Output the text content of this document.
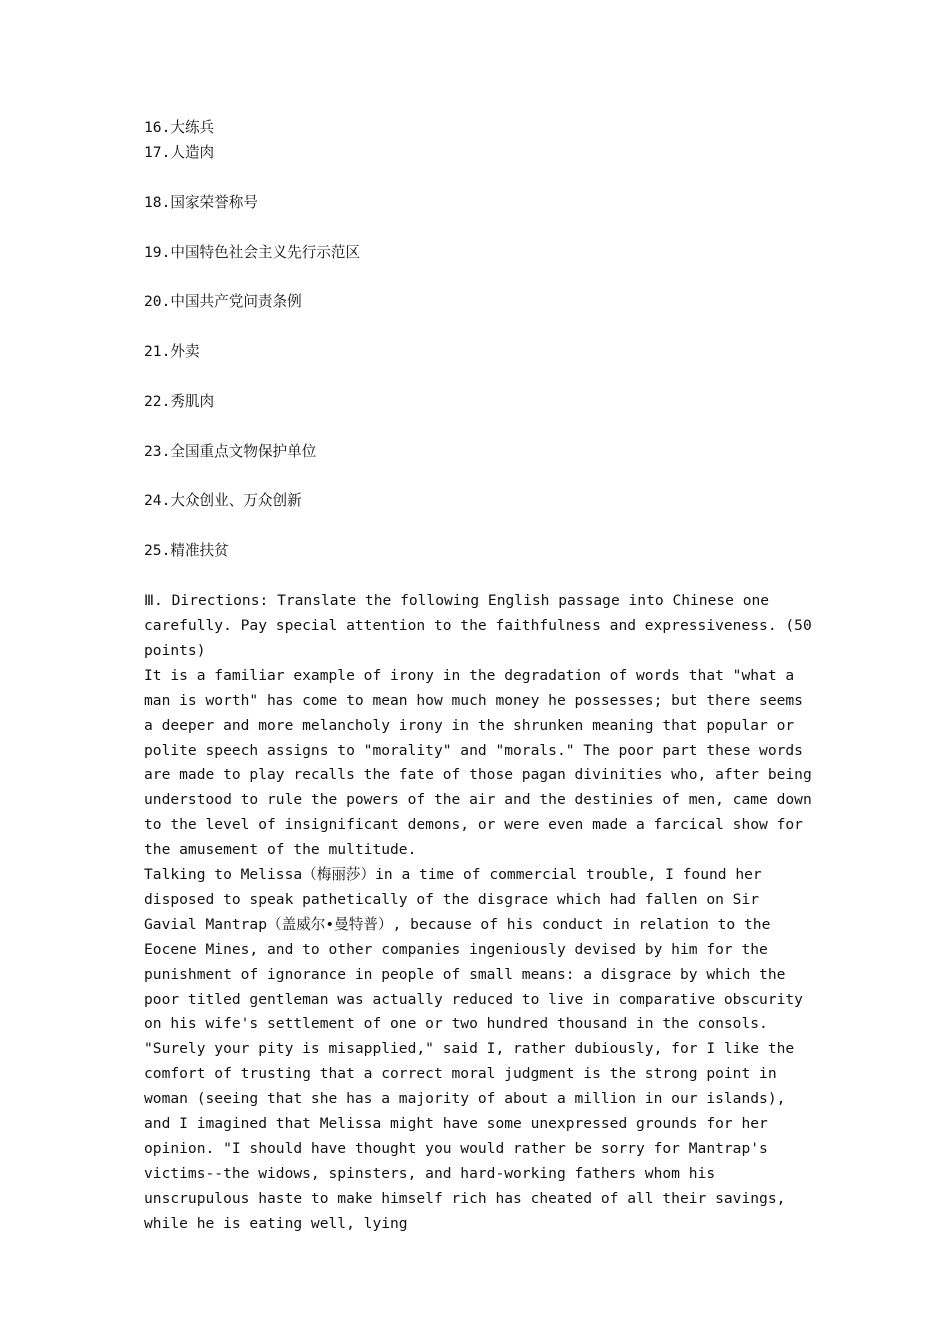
16.大练兵
17.人造肉
18.国家荣誉称号
19.中国特色社会主义先行示范区
20.中国共产党问责条例
21.外卖
22.秀肌肉
23.全国重点文物保护单位
24.大众创业、万众创新
25.精准扶贫

Ⅲ. Directions: Translate the following English passage into Chinese one carefully. Pay special attention to the faithfulness and expressiveness. (50 points)

It is a familiar example of irony in the degradation of words that "what a man is worth" has come to mean how much money he possesses; but there seems a deeper and more melancholy irony in the shrunken meaning that popular or polite speech assigns to "morality" and "morals." The poor part these words are made to play recalls the fate of those pagan divinities who, after being understood to rule the powers of the air and the destinies of men, came down to the level of insignificant demons, or were even made a farcical show for the amusement of the multitude.

Talking to Melissa（梅丽莎）in a time of commercial trouble, I found her disposed to speak pathetically of the disgrace which had fallen on Sir Gavial Mantrap（盖威尔•曼特普）, because of his conduct in relation to the Eocene Mines, and to other companies ingeniously devised by him for the punishment of ignorance in people of small means: a disgrace by which the poor titled gentleman was actually reduced to live in comparative obscurity on his wife's settlement of one or two hundred thousand in the consols.

"Surely your pity is misapplied," said I, rather dubiously, for I like the comfort of trusting that a correct moral judgment is the strong point in woman (seeing that she has a majority of about a million in our islands), and I imagined that Melissa might have some unexpressed grounds for her opinion. "I should have thought you would rather be sorry for Mantrap's victims--the widows, spinsters, and hard-working fathers whom his unscrupulous haste to make himself rich has cheated of all their savings, while he is eating well, lying
